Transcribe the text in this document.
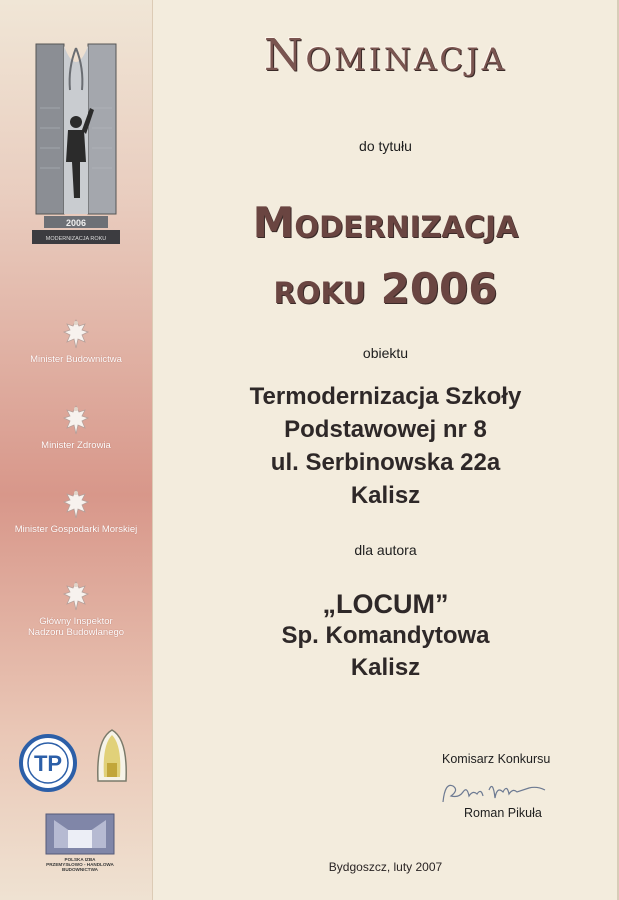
2006
MODERNIZACJA ROKU
Minister Budownictwa
Minister Zdrowia
Minister Gospodarki Morskiej
Główny Inspektor
Nadzoru Budowlanego
TP
POLSKA IZBA
PRZEMYSŁOWO - HANDLOWA
BUDOWNICTWA
Nominacja
do tytułu
Modernizacja
roku 2006
obiektu
Termodernizacja Szkoły
Podstawowej nr 8
ul. Serbinowska 22a
Kalisz
dla autora
„LOCUM”
Sp. Komandytowa
Kalisz
Komisarz Konkursu
Roman Pikuła
Bydgoszcz, luty 2007
